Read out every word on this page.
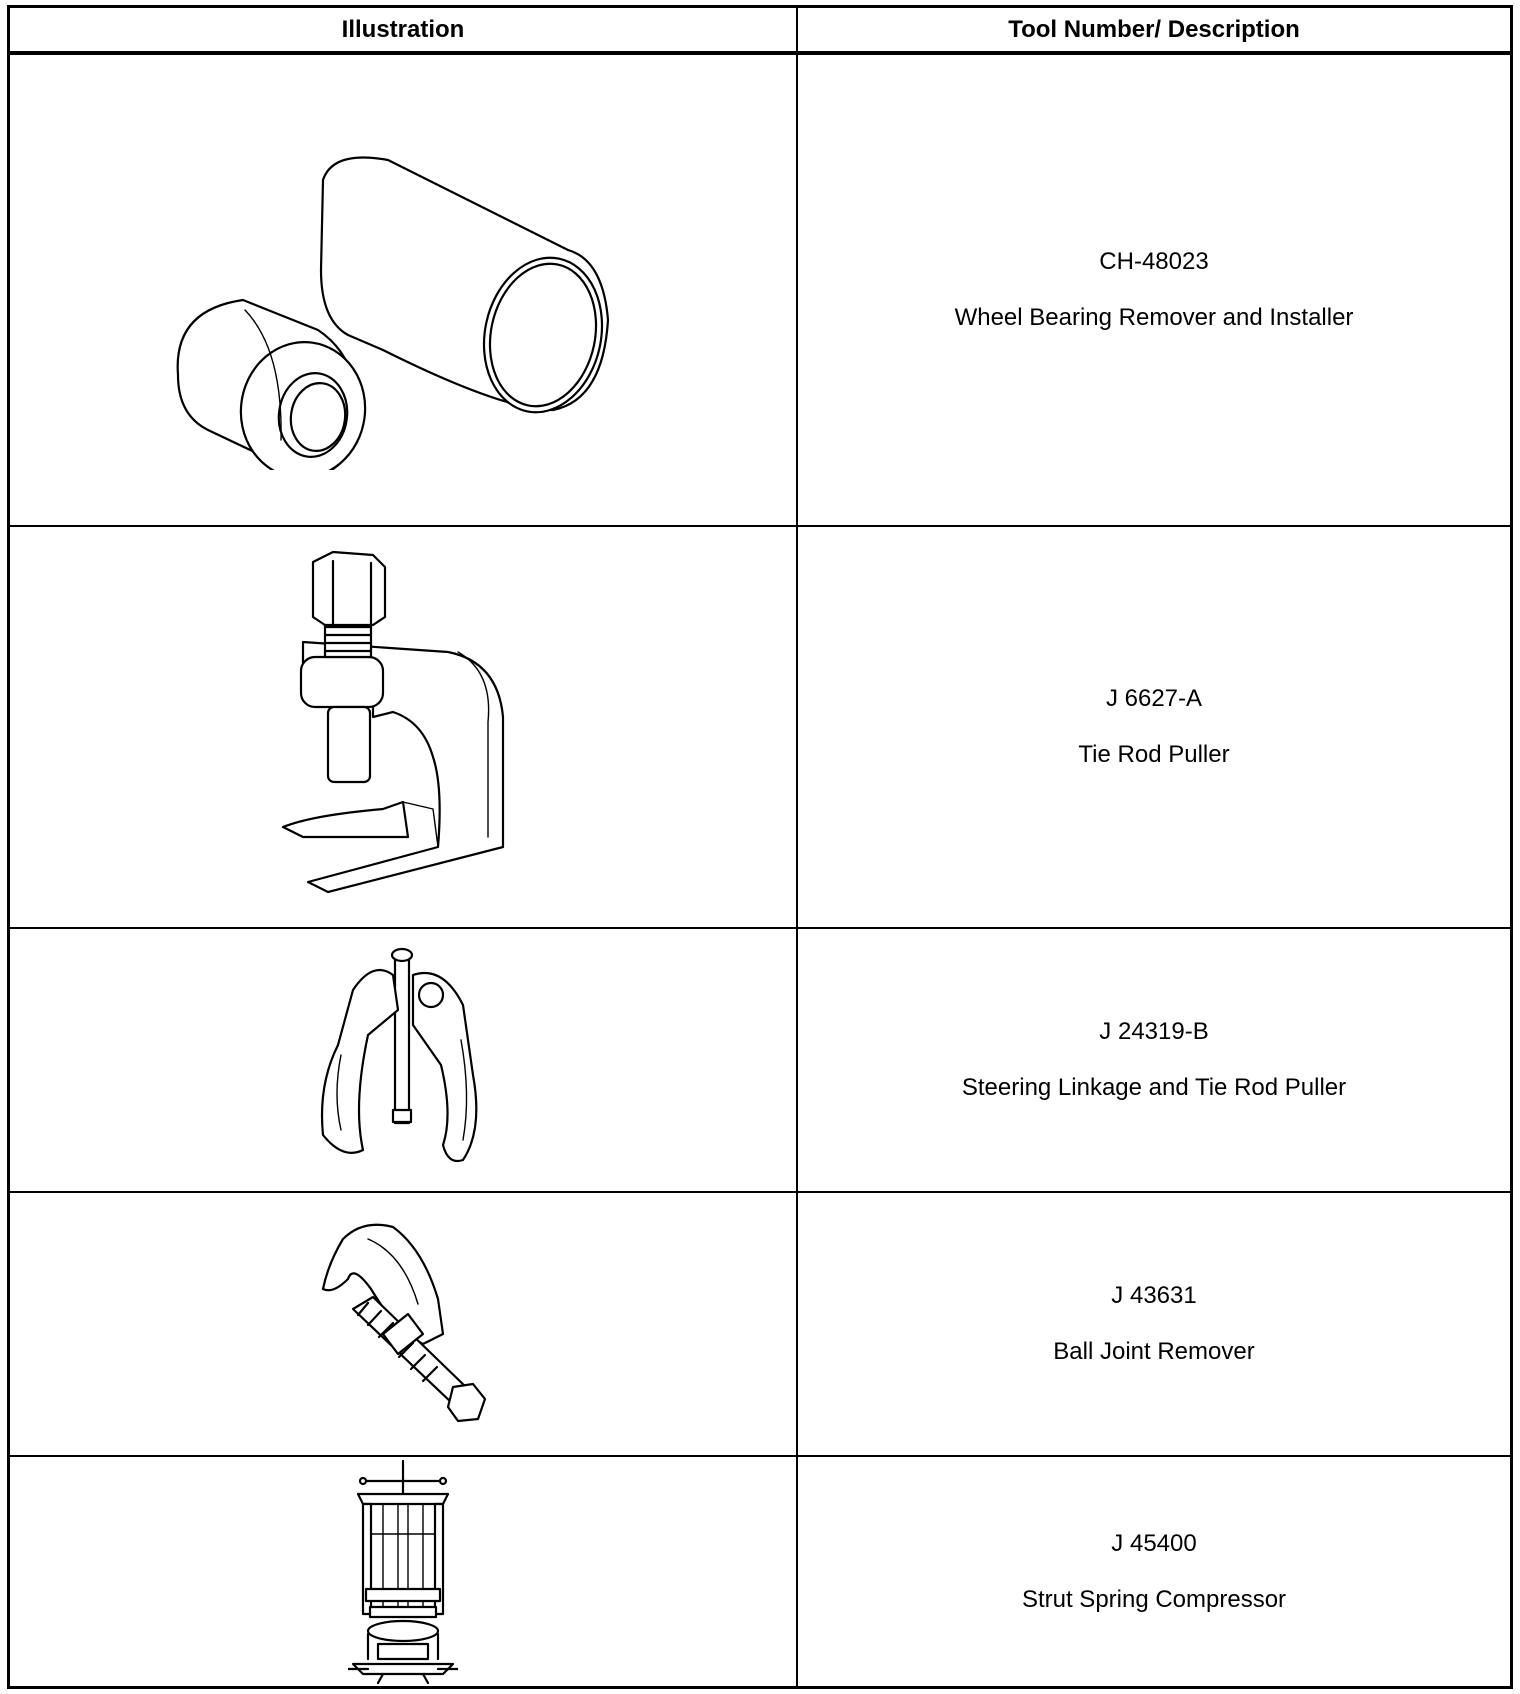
Illustration	Tool Number/ Description

CH-48023

Wheel Bearing Remover and Installer

J 6627-A

Tie Rod Puller

J 24319-B

Steering Linkage and Tie Rod Puller

J 43631

Ball Joint Remover

J 45400

Strut Spring Compressor
